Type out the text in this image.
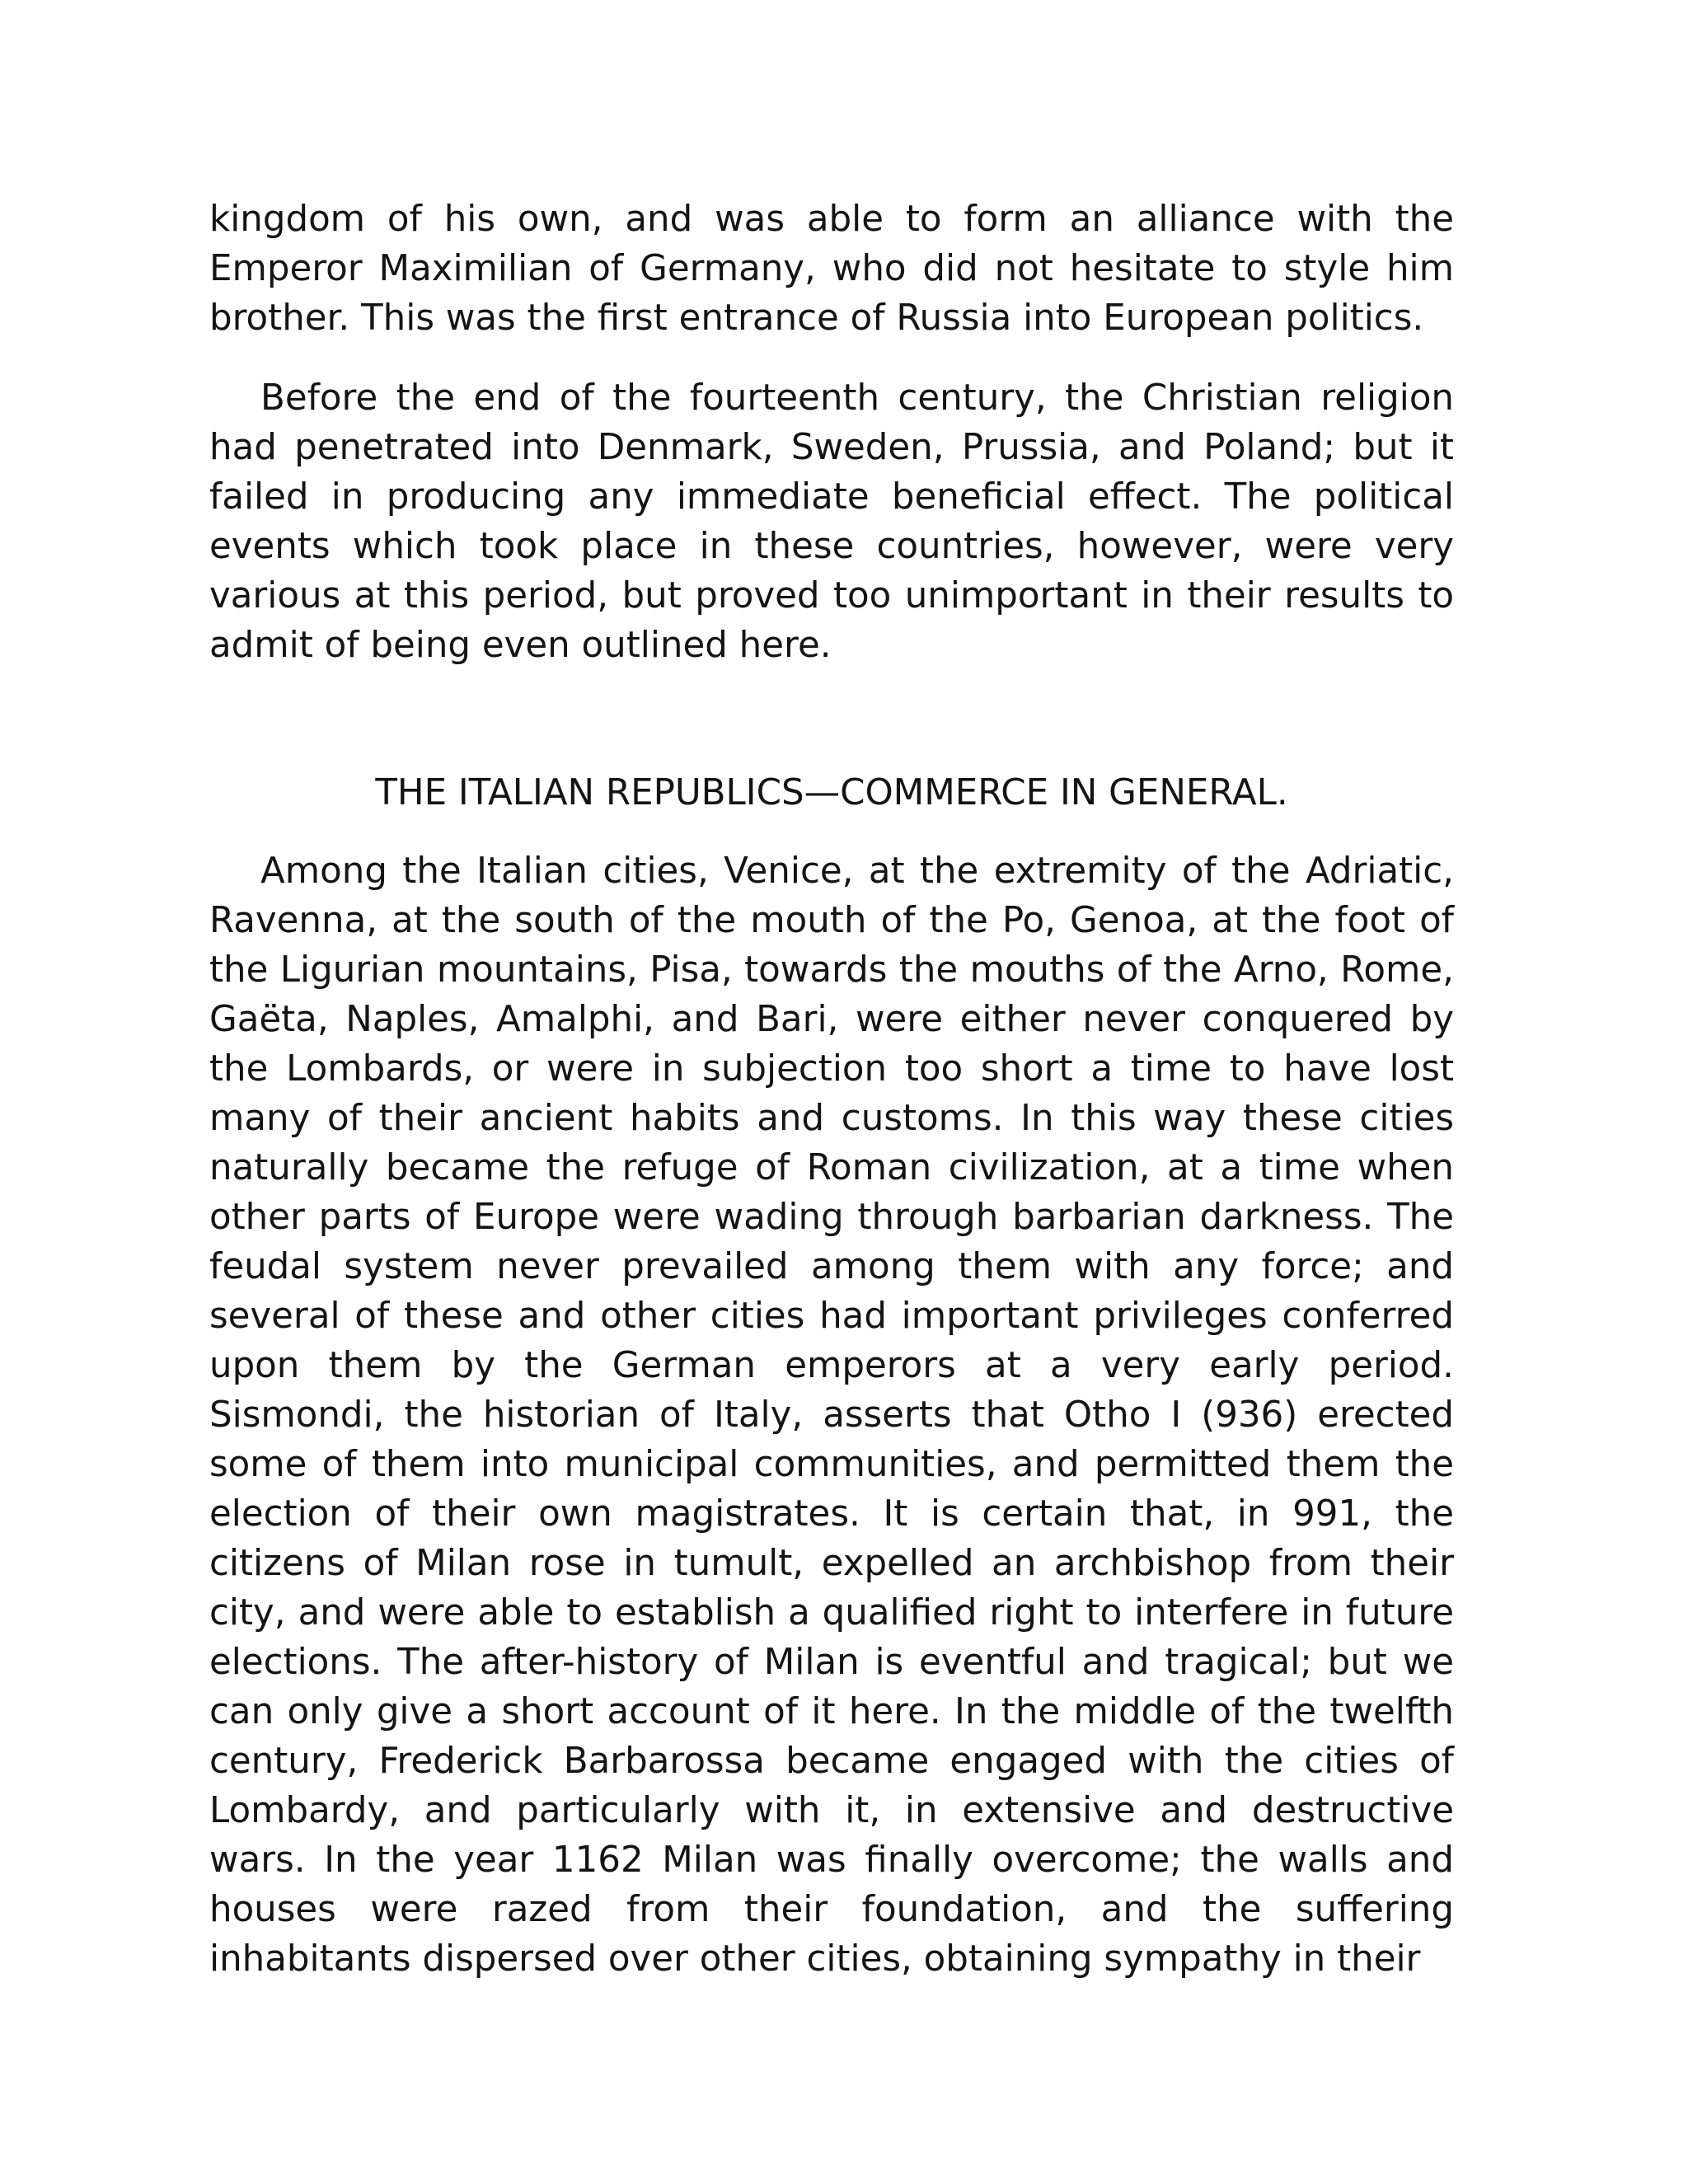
kingdom of his own, and was able to form an alliance with the Emperor Maximilian of Germany, who did not hesitate to style him brother. This was the first entrance of Russia into European politics.

Before the end of the fourteenth century, the Christian religion had penetrated into Denmark, Sweden, Prussia, and Poland; but it failed in producing any immediate beneficial effect. The political events which took place in these countries, however, were very various at this period, but proved too unimportant in their results to admit of being even outlined here.

THE ITALIAN REPUBLICS—COMMERCE IN GENERAL.

Among the Italian cities, Venice, at the extremity of the Adriatic, Ravenna, at the south of the mouth of the Po, Genoa, at the foot of the Ligurian mountains, Pisa, towards the mouths of the Arno, Rome, Gaëta, Naples, Amalphi, and Bari, were either never conquered by the Lombards, or were in subjection too short a time to have lost many of their ancient habits and customs. In this way these cities naturally became the refuge of Roman civilization, at a time when other parts of Europe were wading through barbarian darkness. The feudal system never prevailed among them with any force; and several of these and other cities had important privileges conferred upon them by the German emperors at a very early period. Sismondi, the historian of Italy, asserts that Otho I (936) erected some of them into municipal communities, and permitted them the election of their own magistrates. It is certain that, in 991, the citizens of Milan rose in tumult, expelled an archbishop from their city, and were able to establish a qualified right to interfere in future elections. The after-history of Milan is eventful and tragical; but we can only give a short account of it here. In the middle of the twelfth century, Frederick Barbarossa became engaged with the cities of Lombardy, and particularly with it, in extensive and destructive wars. In the year 1162 Milan was finally overcome; the walls and houses were razed from their foundation, and the suffering inhabitants dispersed over other cities, obtaining sympathy in their
